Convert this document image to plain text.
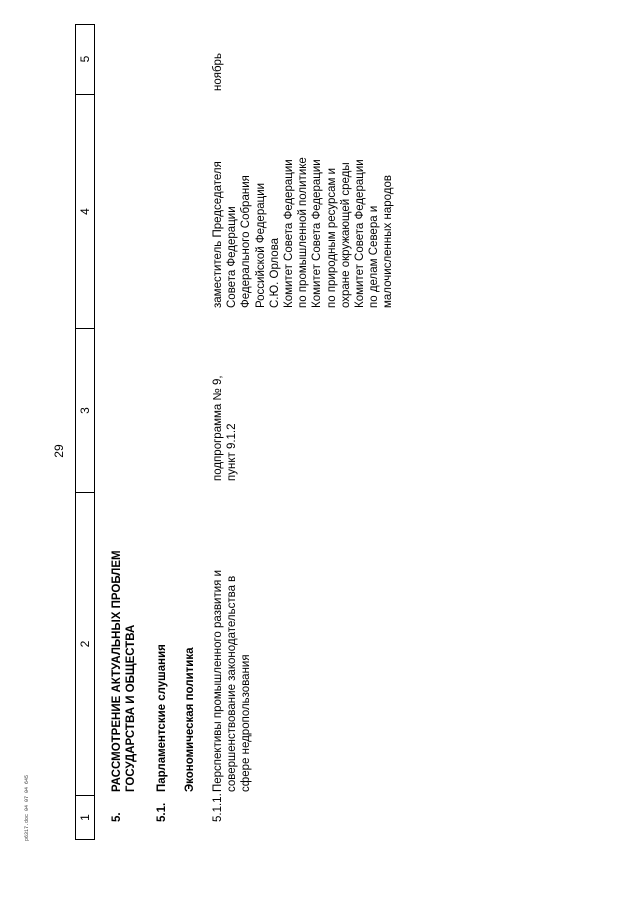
29
1
2
3
4
5
5.
РАССМОТРЕНИЕ АКТУАЛЬНЫХ ПРОБЛЕМ
ГОСУДАРСТВА И ОБЩЕСТВА
5.1.
Парламентские слушания Экономическая политика
5.1.1.
Перспективы промышленного развития и
совершенствование законодательства в
сфере недропользования
подпрограмма № 9,
пункт 9.1.2
заместитель Председателя
Совета Федерации
Федерального Собрания
Российской Федерации
С.Ю. Орлова
Комитет Совета Федерации
по промышленной политике
Комитет Совета Федерации
по природным ресурсам и
охране окружающей среды
Комитет Совета Федерации
по делам Севера и
малочисленных народов
ноябрь
p6317.doc 04 07 04 645
